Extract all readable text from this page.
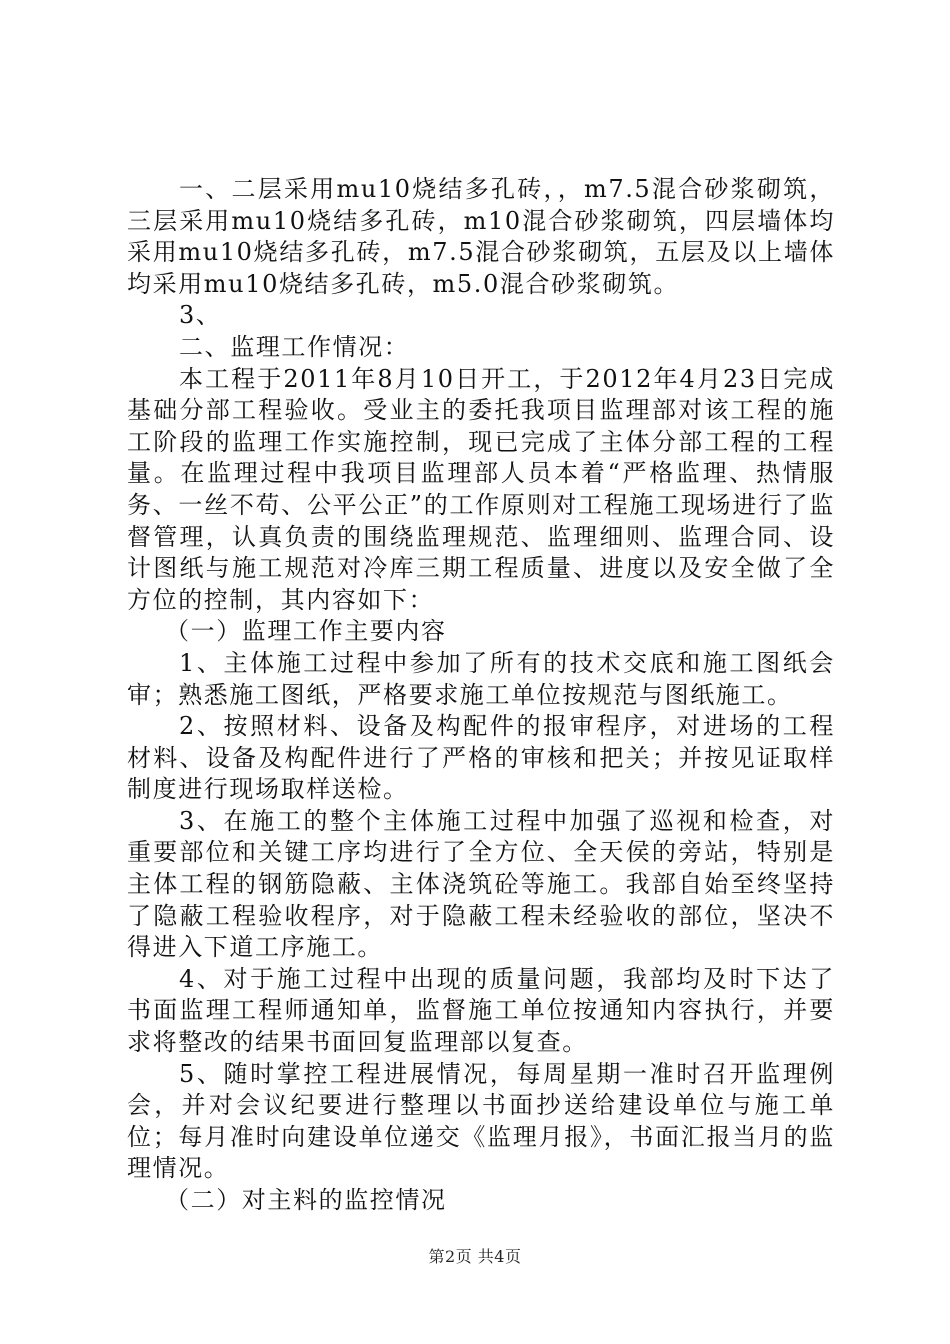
一、二层采用mu10烧结多孔砖，，m7.5混合砂浆砌筑，三层采用mu10烧结多孔砖，m10混合砂浆砌筑，四层墙体均采用mu10烧结多孔砖，m7.5混合砂浆砌筑，五层及以上墙体均采用mu10烧结多孔砖，m5.0混合砂浆砌筑。

3、

二、监理工作情况：

本工程于2011年8月10日开工，于2012年4月23日完成基础分部工程验收。受业主的委托我项目监理部对该工程的施工阶段的监理工作实施控制，现已完成了主体分部工程的工程量。在监理过程中我项目监理部人员本着“严格监理、热情服务、一丝不苟、公平公正”的工作原则对工程施工现场进行了监督管理，认真负责的围绕监理规范、监理细则、监理合同、设计图纸与施工规范对冷库三期工程质量、进度以及安全做了全方位的控制，其内容如下：

（一）监理工作主要内容

1、主体施工过程中参加了所有的技术交底和施工图纸会审；熟悉施工图纸，严格要求施工单位按规范与图纸施工。

2、按照材料、设备及构配件的报审程序，对进场的工程材料、设备及构配件进行了严格的审核和把关；并按见证取样制度进行现场取样送检。

3、在施工的整个主体施工过程中加强了巡视和检查，对重要部位和关键工序均进行了全方位、全天侯的旁站，特别是主体工程的钢筋隐蔽、主体浇筑砼等施工。我部自始至终坚持了隐蔽工程验收程序，对于隐蔽工程未经验收的部位，坚决不得进入下道工序施工。

4、对于施工过程中出现的质量问题，我部均及时下达了书面监理工程师通知单，监督施工单位按通知内容执行，并要求将整改的结果书面回复监理部以复查。

5、随时掌控工程进展情况，每周星期一准时召开监理例会，并对会议纪要进行整理以书面抄送给建设单位与施工单位；每月准时向建设单位递交《监理月报》，书面汇报当月的监理情况。

（二）对主料的监控情况

第2页 共4页
